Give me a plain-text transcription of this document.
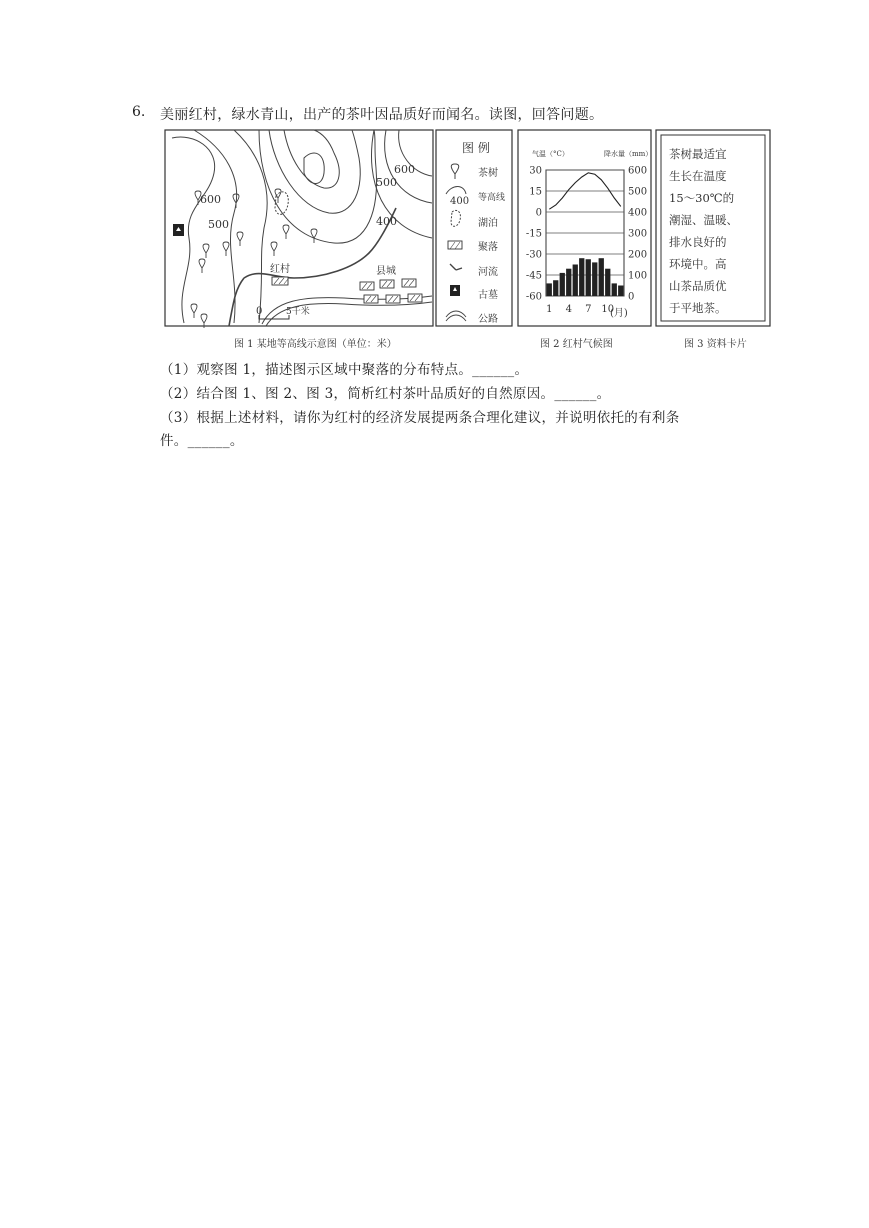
6. 美丽红村，绿水青山，出产的茶叶因品质好而闻名。读图，回答问题。
600
500
600
500
400
红村	县城
0	5千米
图 例
400
茶树
等高线
湖泊
聚落
河流
古墓
公路
气温（°C）	降水量（mm）
30
15
0
-15
-30
-45
-60
600
500
400
300
200
100
0
1 4 7 10
(月)
茶树最适宜
生长在温度
15～30℃的
潮湿、温暖、
排水良好的
环境中。高
山茶品质优
于平地茶。
图 1 某地等高线示意图（单位：米）	图 2 红村气候图	图 3 资料卡片
（1）观察图 1，描述图示区域中聚落的分布特点。______。
（2）结合图 1、图 2、图 3，简析红村茶叶品质好的自然原因。______。
（3）根据上述材料，请你为红村的经济发展提两条合理化建议，并说明依托的有利条
件。______。
